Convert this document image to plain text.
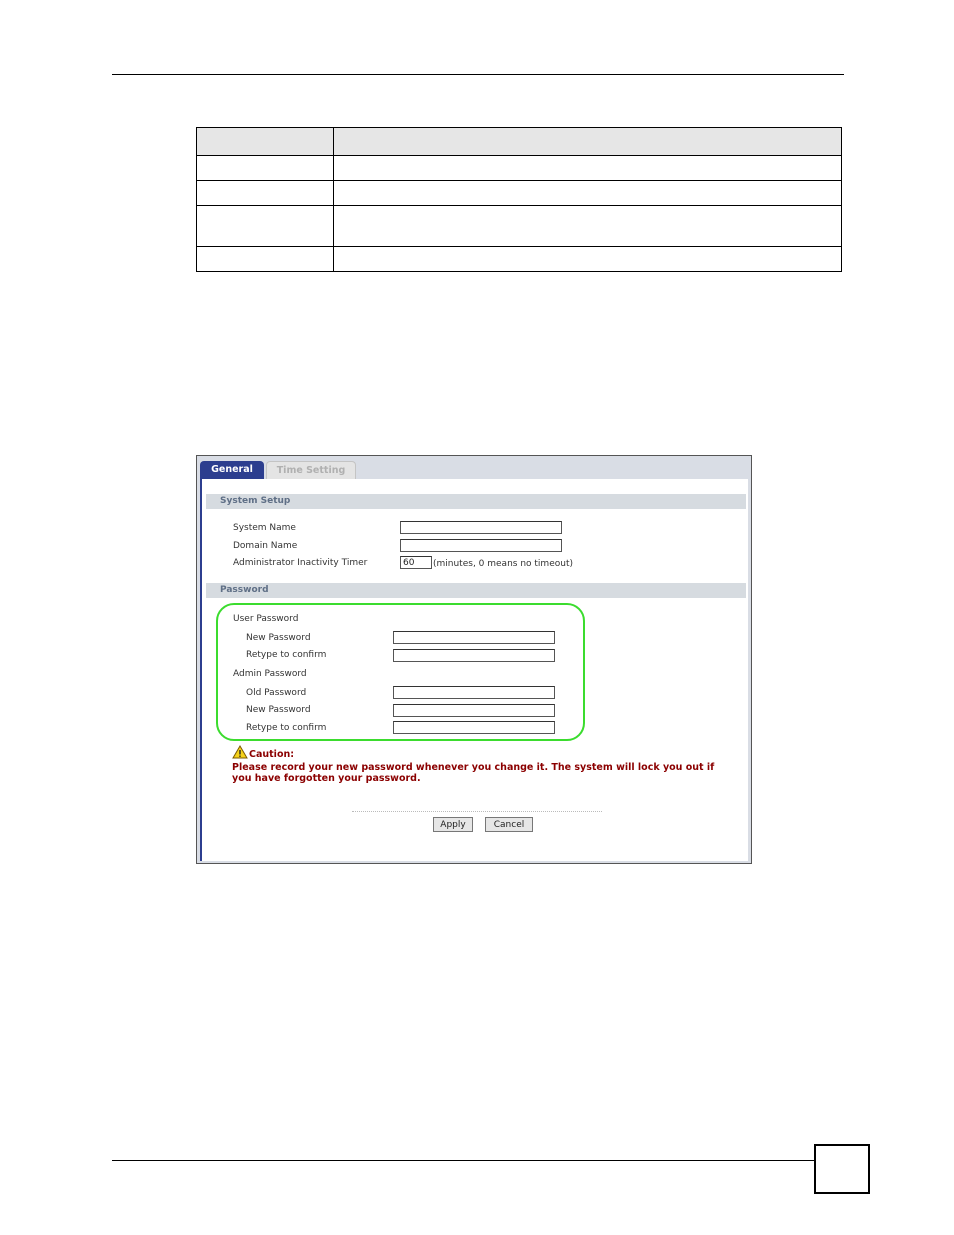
General	Time Setting
System Setup
System Name
Domain Name
Administrator Inactivity Timer
60	(minutes, 0 means no timeout)
Password
User Password
New Password
Retype to confirm
Admin Password
Old Password
New Password
Retype to confirm
Caution:
Please record your new password whenever you change it. The system will lock you out if you have forgotten your password.
Apply	Cancel
